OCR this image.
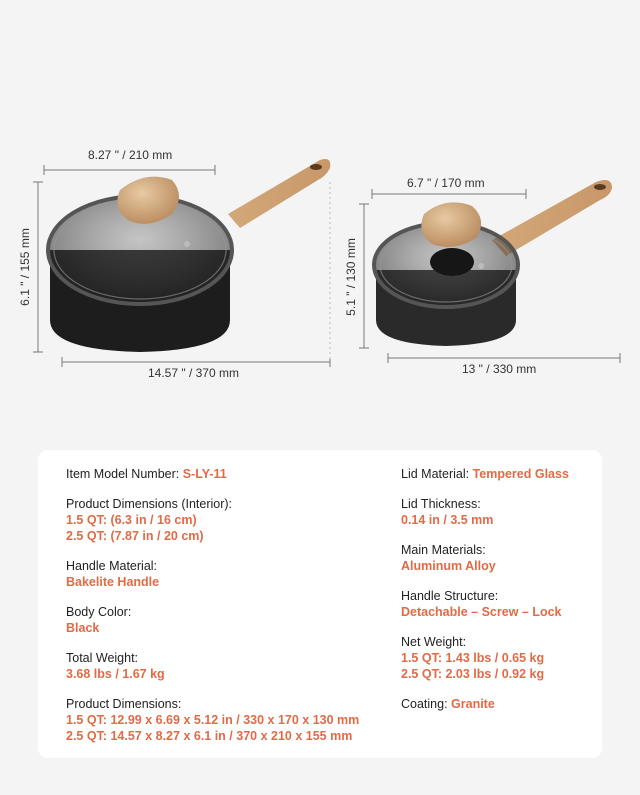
8.27 " / 210 mm
6.1 " / 155 mm
14.57 " / 370 mm
6.7 " / 170 mm
5.1 " / 130 mm
13 " / 330 mm
Item Model Number: S-LY-11
Product Dimensions (Interior):
1.5 QT: (6.3 in / 16 cm)
2.5 QT: (7.87 in / 20 cm)
Handle Material:
Bakelite Handle
Body Color:
Black
Total Weight:
3.68 lbs / 1.67 kg
Product Dimensions:
1.5 QT: 12.99 x 6.69 x 5.12 in / 330 x 170 x 130 mm
2.5 QT: 14.57 x 8.27 x 6.1 in / 370 x 210 x 155 mm
Lid Material: Tempered Glass
Lid Thickness:
0.14 in / 3.5 mm
Main Materials:
Aluminum Alloy
Handle Structure:
Detachable – Screw – Lock
Net Weight:
1.5 QT: 1.43 lbs / 0.65 kg
2.5 QT: 2.03 lbs / 0.92 kg
Coating: Granite
